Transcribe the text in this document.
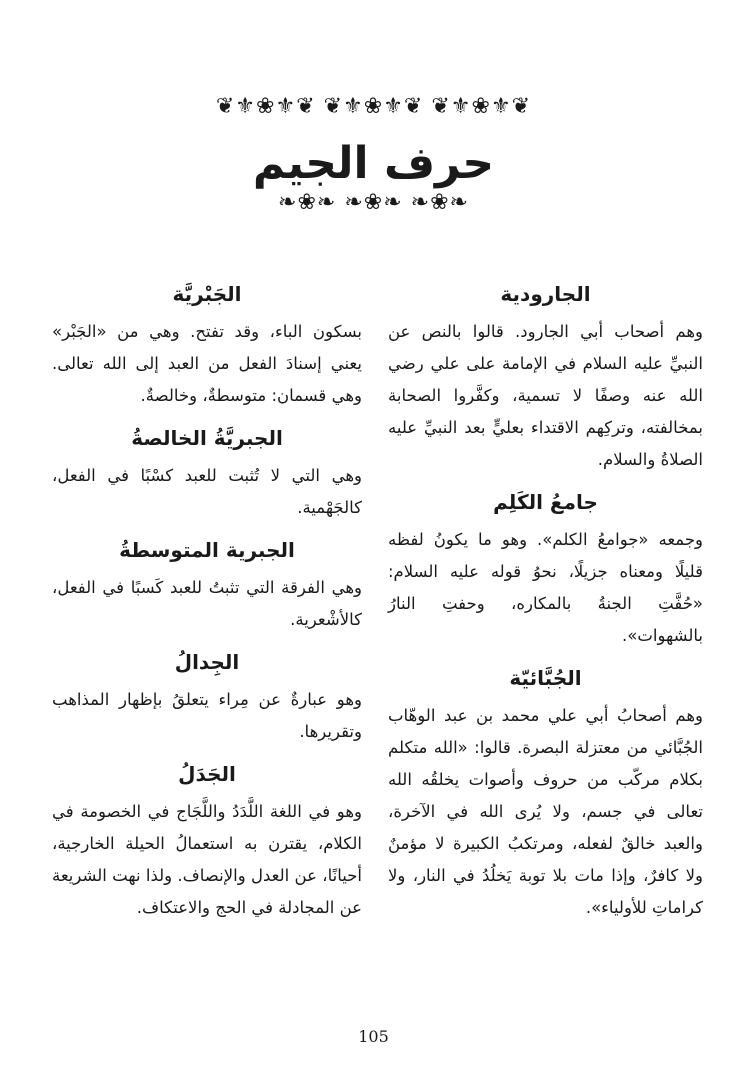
❦⚜❀⚜❦ ❦⚜❀⚜❦ ❦⚜❀⚜❦
حرف الجيم
❧❀❧ ❧❀❧ ❧❀❧
الجارودية

وهم أصحاب أبي الجارود. قالوا بالنص عن النبيِّ عليه السلام في الإمامة على علي رضي الله عنه وصفًا لا تسمية، وكفَّروا الصحابة بمخالفته، وتركِهم الاقتداء بعليٍّ بعد النبيِّ عليه الصلاةُ والسلام.

جامعُ الكَلِم

وجمعه «جوامعُ الكلم». وهو ما يكونُ لفظه قليلًا ومعناه جزيلًا، نحوُ قوله عليه السلام: «حُفَّتِ الجنةُ بالمكاره، وحفتِ النارُ بالشهوات».

الجُبَّائيّة

وهم أصحابُ أبي علي محمد بن عبد الوهّاب الجُبَّائي من معتزلة البصرة. قالوا: «الله متكلم بكلام مركّب من حروف وأصوات يخلقُه الله تعالى في جسم، ولا يُرى الله في الآخرة، والعبد خالقٌ لفعله، ومرتكبُ الكبيرة لا مؤمنٌ ولا كافرٌ، وإذا مات بلا توبة يَخلُدُ في النار، ولا كراماتِ للأولياء».

الجَبْريَّة

بسكون الباء، وقد تفتح. وهي من «الجَبْر» يعني إسنادَ الفعل من العبد إلى الله تعالى. وهي قسمان: متوسطةٌ، وخالصةٌ.

الجبريَّةُ الخالصةُ

وهي التي لا تُثبت للعبد كسْبًا في الفعل، كالجَهْمية.

الجبرية المتوسطةُ

وهي الفرقة التي تثبتُ للعبد كَسبًا في الفعل، كالأشْعرية.

الجِدالُ

وهو عبارةٌ عن مِراء يتعلقُ بإظهار المذاهب وتقريرها.

الجَدَلُ

وهو في اللغة اللَّدَدُ واللَّجَاج في الخصومة في الكلام، يقترن به استعمالُ الحيلة الخارجية، أحيانًا، عن العدل والإنصاف. ولذا نهت الشريعة عن المجادلة في الحج والاعتكاف.

105
